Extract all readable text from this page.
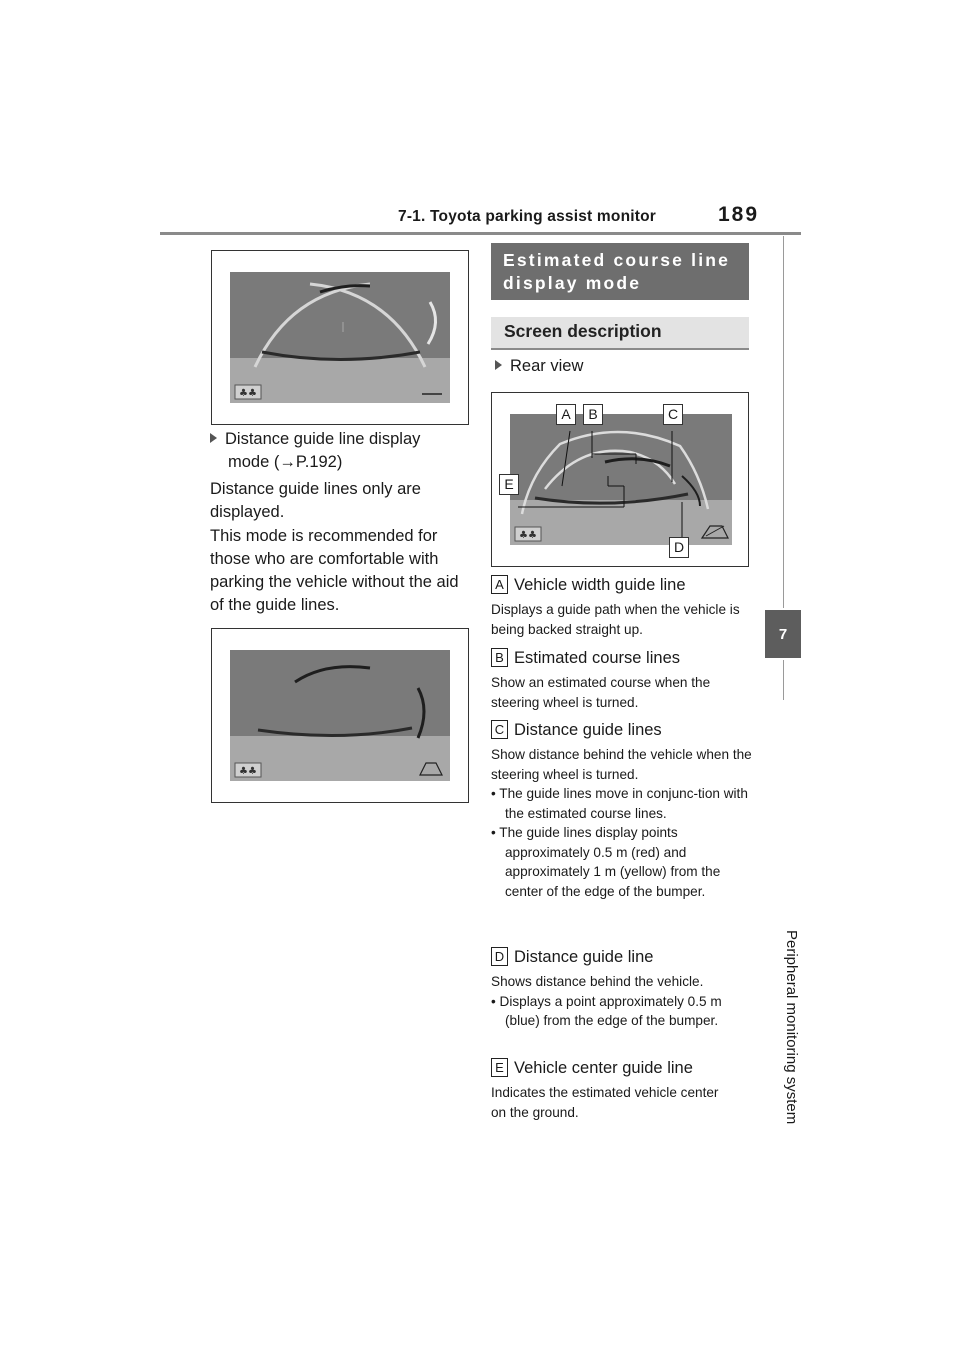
7-1. Toyota parking assist monitor	189
7
Peripheral monitoring system
♣♣
Distance guide line display
mode (→P.192)
Distance guide lines only are displayed.
This mode is recommended for those who are comfortable with parking the vehicle without the aid of the guide lines.
♣♣
Estimated course line display mode
Screen description
Rear view
♣♣
A	B	C
E
D
A Vehicle width guide line
Displays a guide path when the vehicle is being backed straight up.
B Estimated course lines
Show an estimated course when the steering wheel is turned.
C Distance guide lines
Show distance behind the vehicle when the steering wheel is turned.
• The guide lines move in conjunc-tion with the estimated course lines.
• The guide lines display points approximately 0.5 m (red) and approximately 1 m (yellow) from the center of the edge of the bumper.
D Distance guide line
Shows distance behind the vehicle.
• Displays a point approximately 0.5 m (blue) from the edge of the bumper.
E Vehicle center guide line
Indicates the estimated vehicle center on the ground.
